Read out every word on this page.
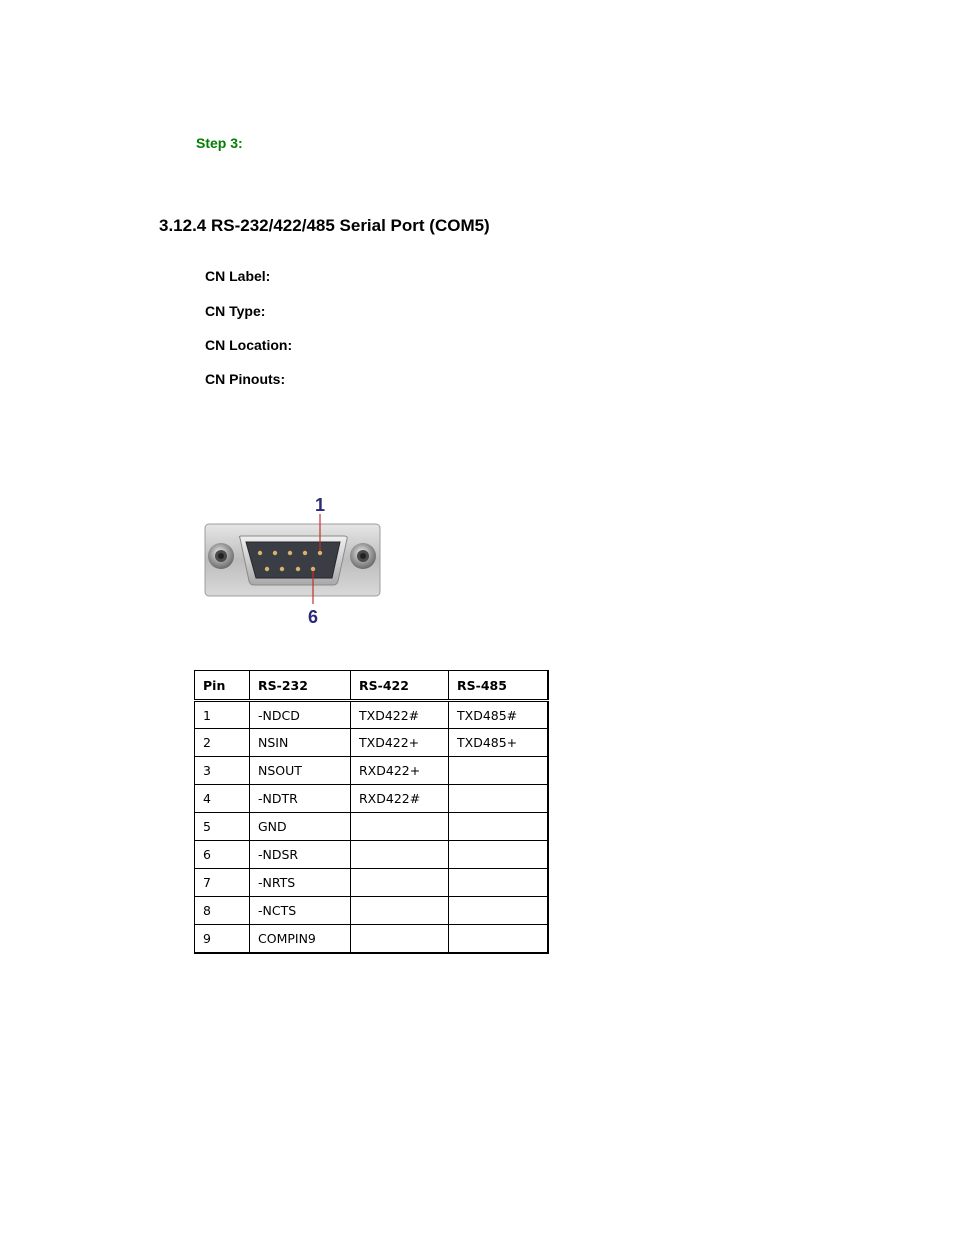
Step 3:
3.12.4 RS-232/422/485 Serial Port (COM5)
CN Label:
CN Type:
CN Location:
CN Pinouts:
1
6
Pin	RS-232	RS-422	RS-485
1	-NDCD	TXD422#	TXD485#
2	NSIN	TXD422+	TXD485+
3	NSOUT	RXD422+	
4	-NDTR	RXD422#	
5	GND		
6	-NDSR		
7	-NRTS		
8	-NCTS		
9	COMPIN9		
